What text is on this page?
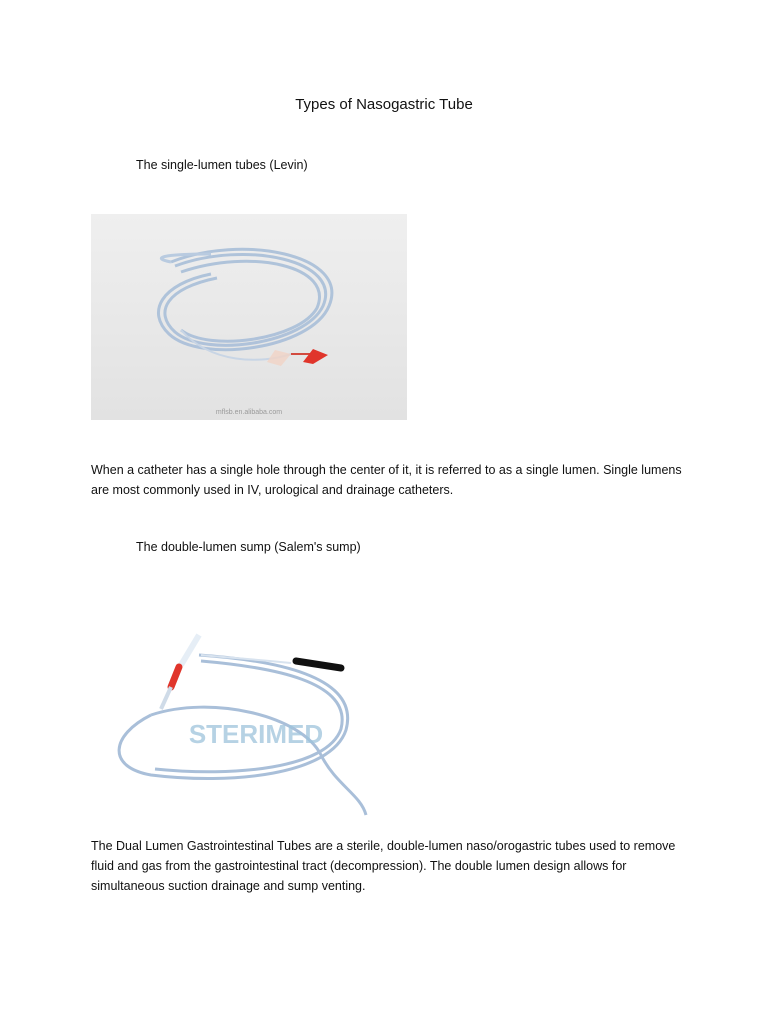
Types of Nasogastric Tube
The single-lumen tubes (Levin)
mflsb.en.alibaba.com
When a catheter has a single hole through the center of it, it is referred to as a single lumen. Single lumens are most commonly used in IV, urological and drainage catheters.
The double-lumen sump (Salem's sump)
STERIMED
The Dual Lumen Gastrointestinal Tubes are a sterile, double-lumen naso/orogastric tubes used to remove fluid and gas from the gastrointestinal tract (decompression). The double lumen design allows for simultaneous suction drainage and sump venting.
